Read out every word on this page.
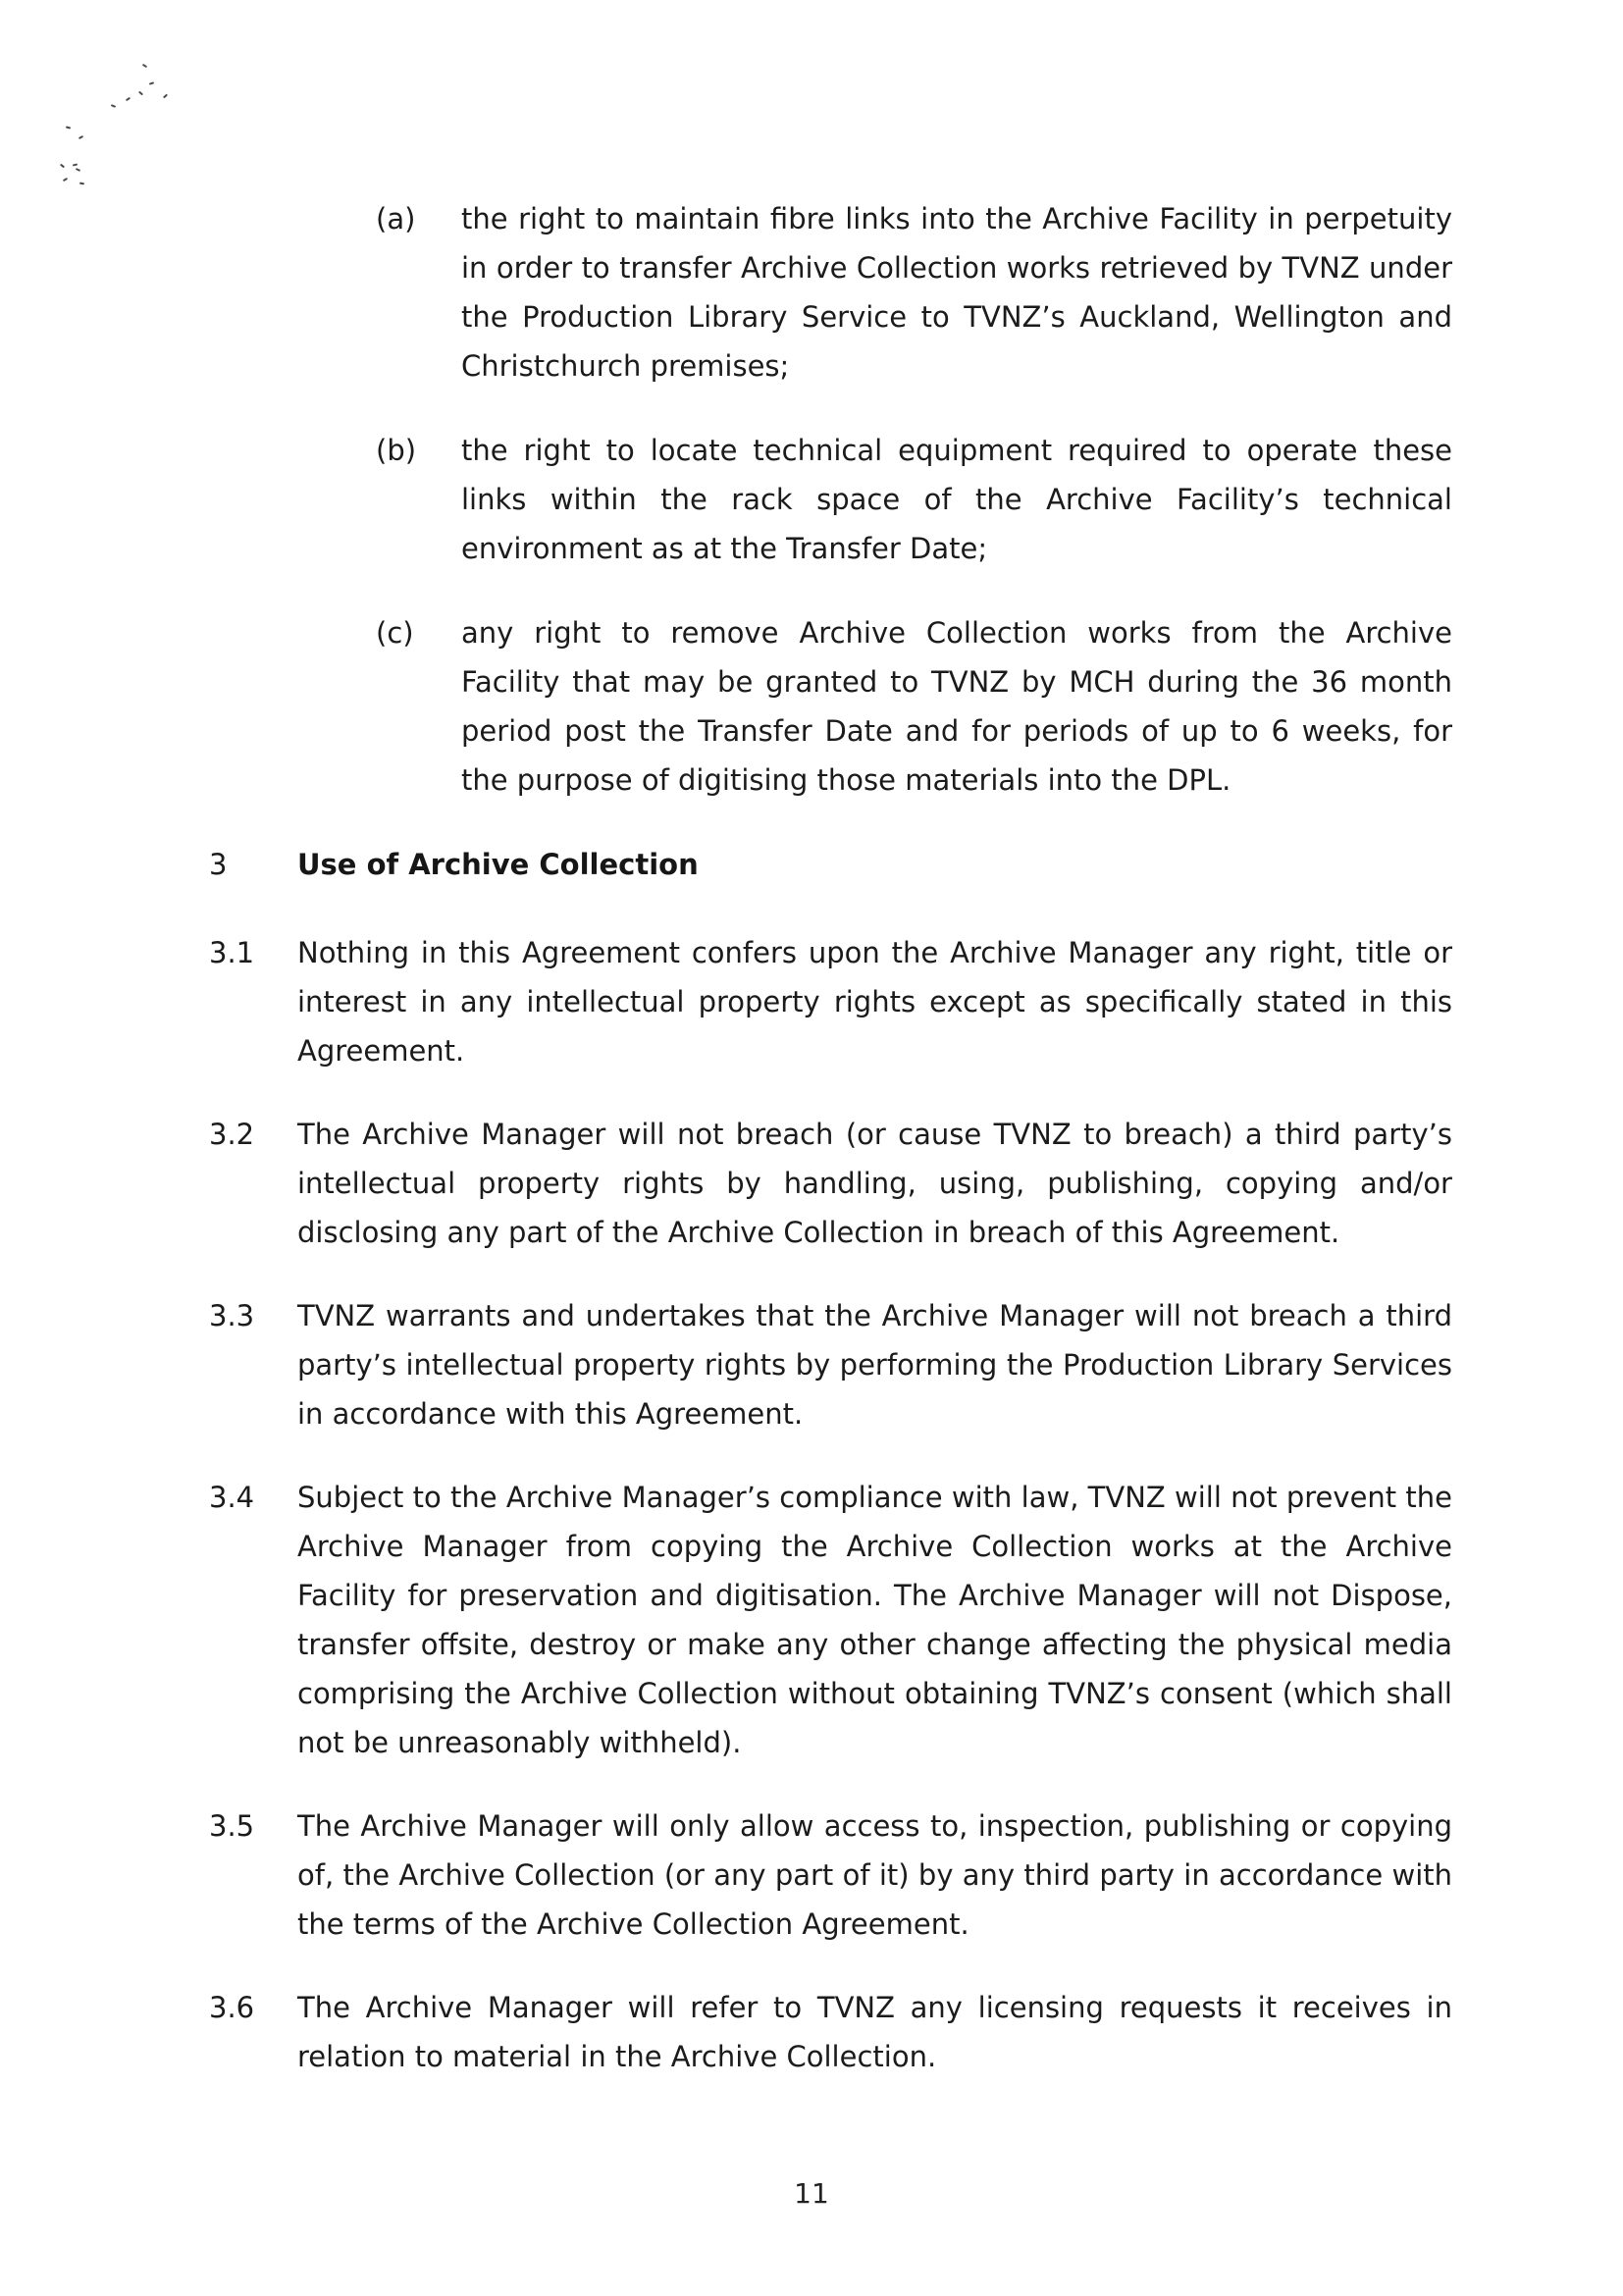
(a)	the right to maintain fibre links into the Archive Facility in perpetuity in order to transfer Archive Collection works retrieved by TVNZ under the Production Library Service to TVNZ’s Auckland, Wellington and Christchurch premises;

(b)	the right to locate technical equipment required to operate these links within the rack space of the Archive Facility’s technical environment as at the Transfer Date;

(c)	any right to remove Archive Collection works from the Archive Facility that may be granted to TVNZ by MCH during the 36 month period post the Transfer Date and for periods of up to 6 weeks, for the purpose of digitising those materials into the DPL.

3	Use of Archive Collection
3.1	Nothing in this Agreement confers upon the Archive Manager any right, title or interest in any intellectual property rights except as specifically stated in this Agreement.

3.2	The Archive Manager will not breach (or cause TVNZ to breach) a third party’s intellectual property rights by handling, using, publishing, copying and/or disclosing any part of the Archive Collection in breach of this Agreement.

3.3	TVNZ warrants and undertakes that the Archive Manager will not breach a third party’s intellectual property rights by performing the Production Library Services in accordance with this Agreement.

3.4	Subject to the Archive Manager’s compliance with law, TVNZ will not prevent the Archive Manager from copying the Archive Collection works at the Archive Facility for preservation and digitisation. The Archive Manager will not Dispose, transfer offsite, destroy or make any other change affecting the physical media comprising the Archive Collection without obtaining TVNZ’s consent (which shall not be unreasonably withheld).

3.5	The Archive Manager will only allow access to, inspection, publishing or copying of, the Archive Collection (or any part of it) by any third party in accordance with the terms of the Archive Collection Agreement.

3.6	The Archive Manager will refer to TVNZ any licensing requests it receives in relation to material in the Archive Collection.

11
